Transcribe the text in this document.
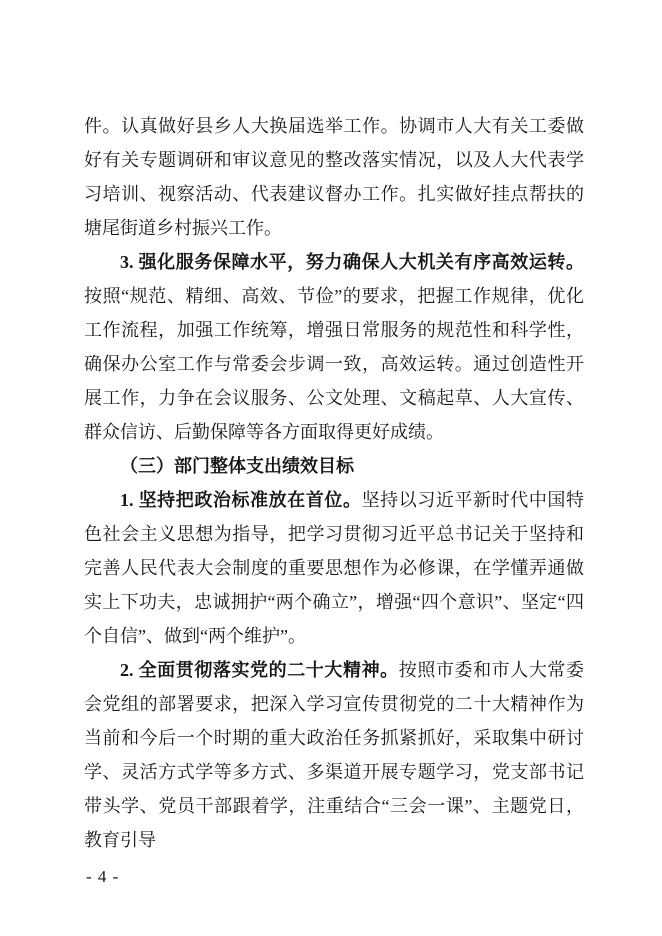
件。认真做好县乡人大换届选举工作。协调市人大有关工委做好有关专题调研和审议意见的整改落实情况，以及人大代表学习培训、视察活动、代表建议督办工作。扎实做好挂点帮扶的塘尾街道乡村振兴工作。

3. 强化服务保障水平，努力确保人大机关有序高效运转。按照“规范、精细、高效、节俭”的要求，把握工作规律，优化工作流程，加强工作统筹，增强日常服务的规范性和科学性，确保办公室工作与常委会步调一致，高效运转。通过创造性开展工作，力争在会议服务、公文处理、文稿起草、人大宣传、群众信访、后勤保障等各方面取得更好成绩。

（三）部门整体支出绩效目标

1. 坚持把政治标准放在首位。坚持以习近平新时代中国特色社会主义思想为指导，把学习贯彻习近平总书记关于坚持和完善人民代表大会制度的重要思想作为必修课，在学懂弄通做实上下功夫，忠诚拥护“两个确立”，增强“四个意识”、坚定“四个自信”、做到“两个维护”。

2. 全面贯彻落实党的二十大精神。按照市委和市人大常委会党组的部署要求，把深入学习宣传贯彻党的二十大精神作为当前和今后一个时期的重大政治任务抓紧抓好，采取集中研讨学、灵活方式学等多方式、多渠道开展专题学习，党支部书记带头学、党员干部跟着学，注重结合“三会一课”、主题党日，教育引导

- 4 -
